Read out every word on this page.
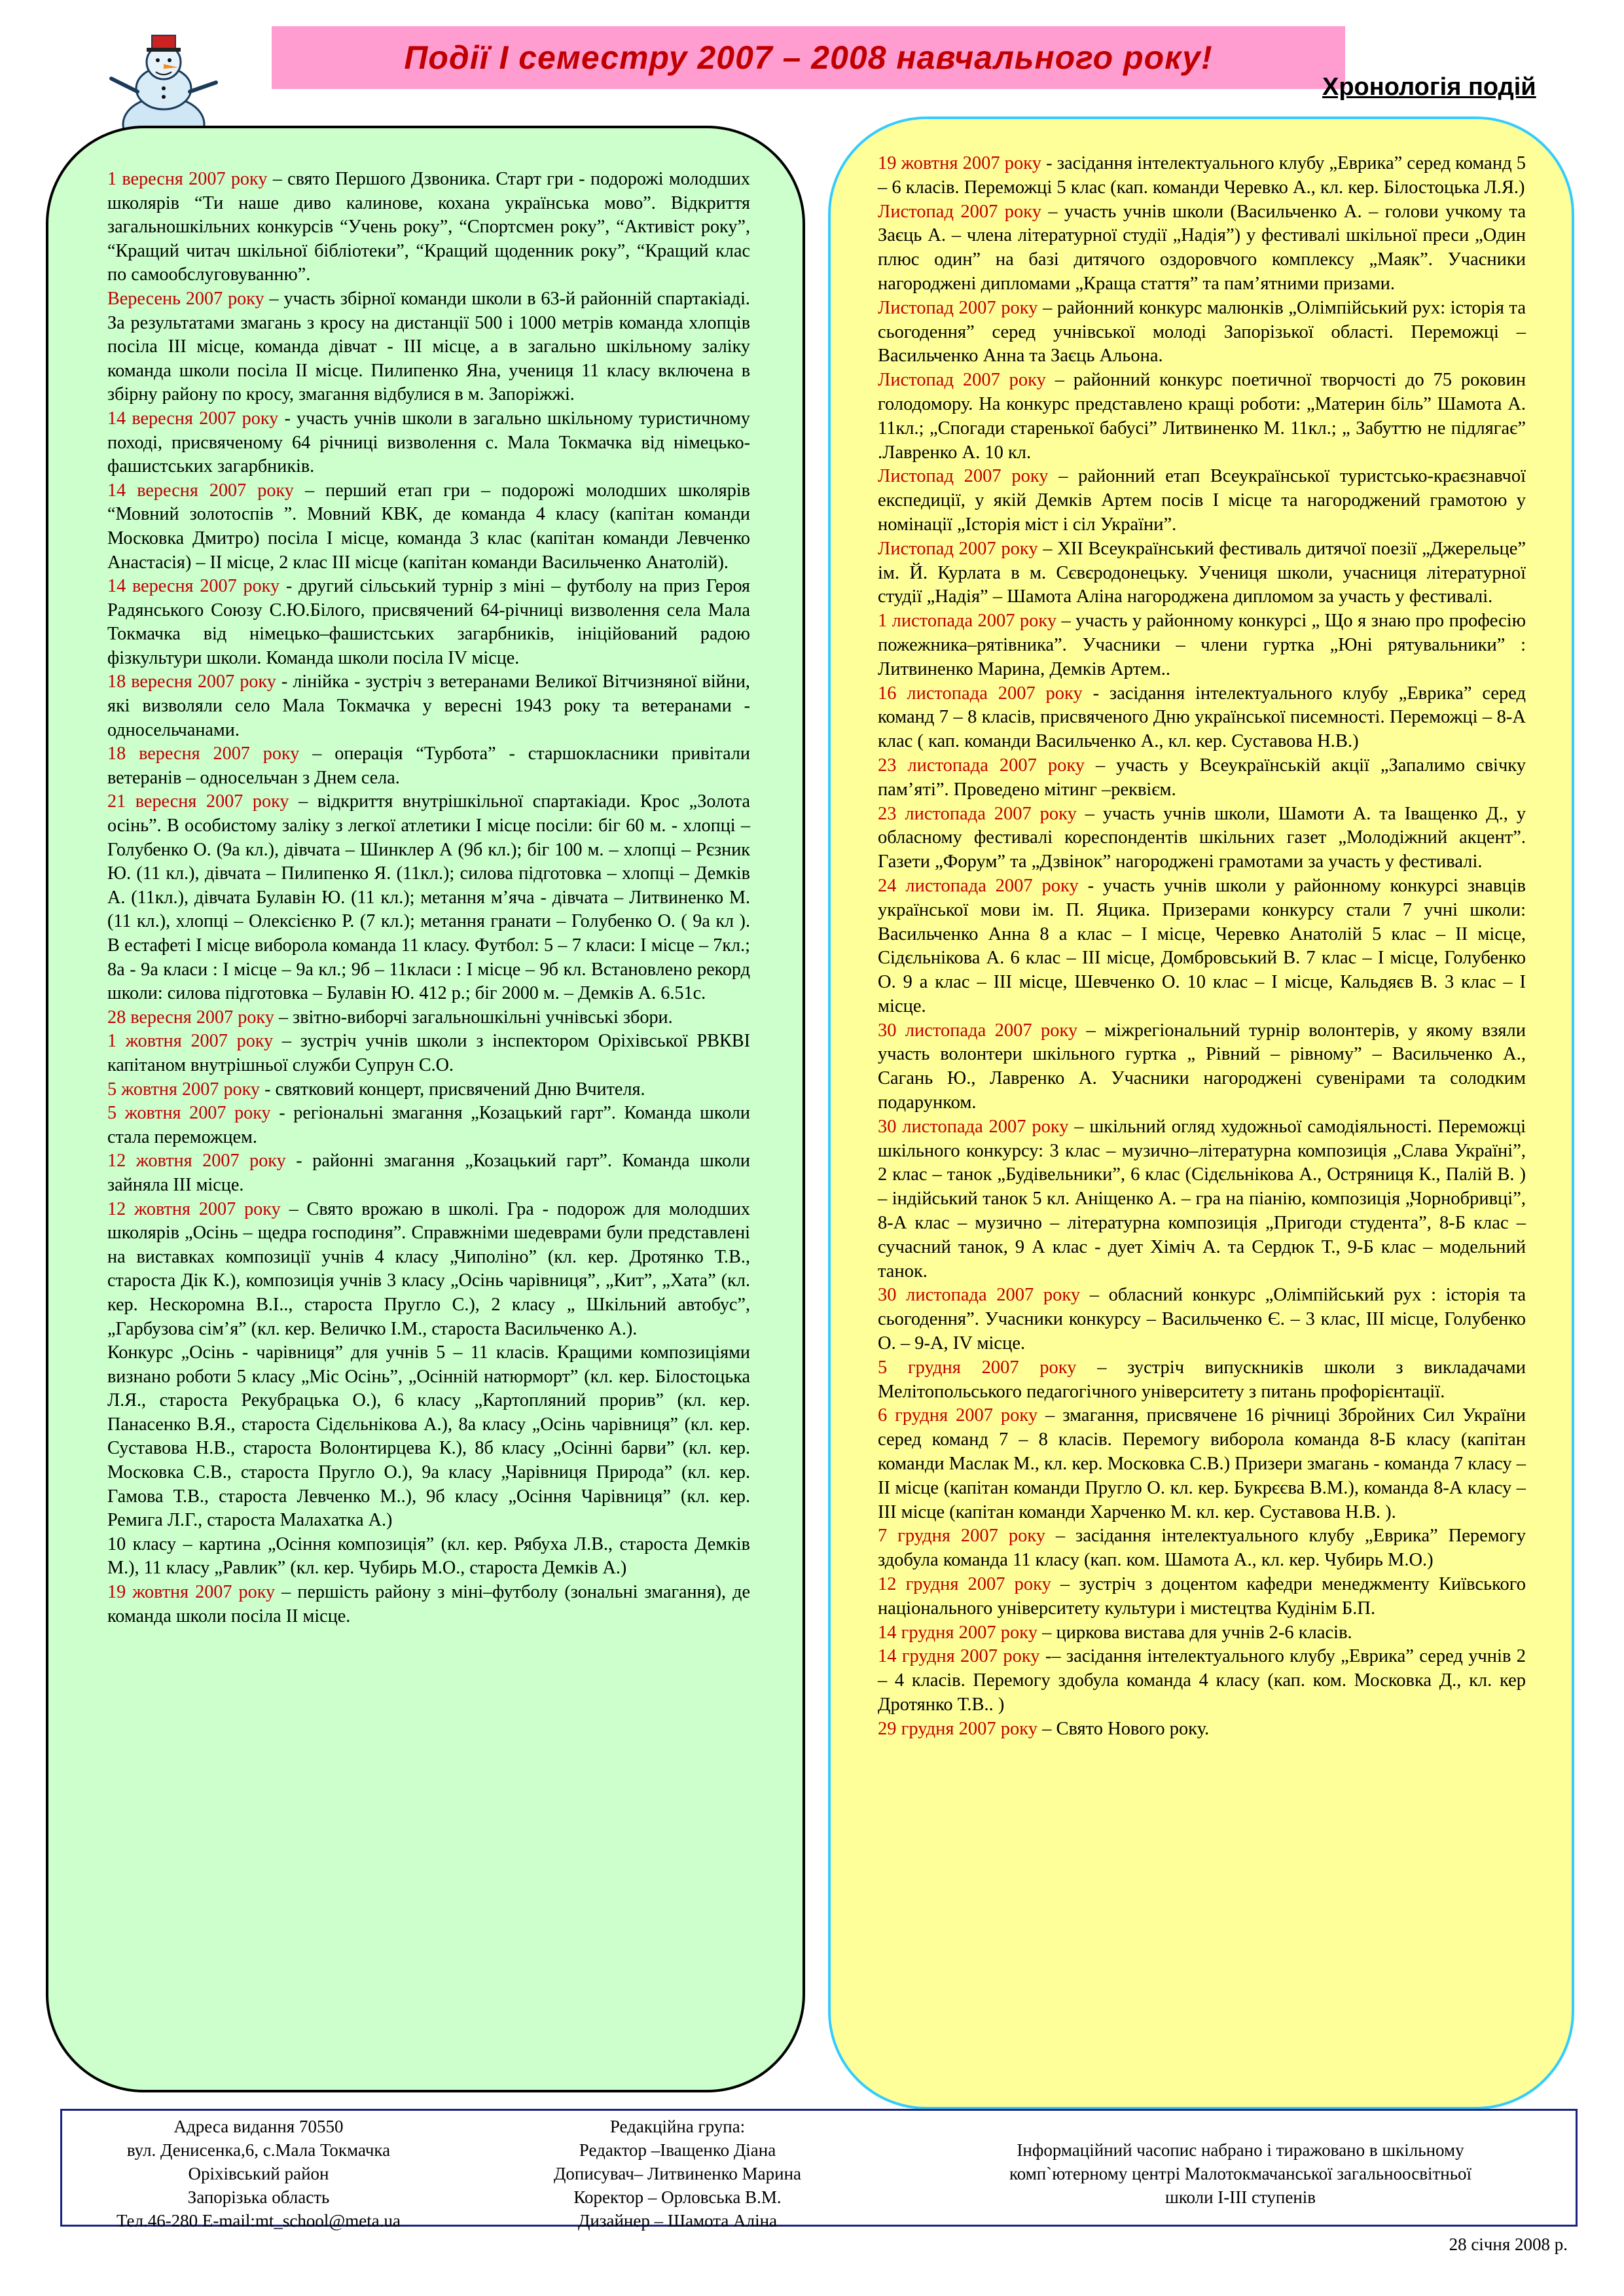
Події І семестру 2007 – 2008 навчального року!
Хронологія подій

1 вересня 2007 року – свято Першого Дзвоника. Старт гри - подорожі молодших школярів “Ти наше диво калинове, кохана українська мово”. Відкриття загальношкільних конкурсів “Учень року”, “Спортсмен року”, “Активіст року”, “Кращий читач шкільної бібліотеки”, “Кращий щоденник року”, “Кращий клас по самообслуговуванню”.

Вересень 2007 року – участь збірної команди школи в 63-й районній спартакіаді. За результатами змагань з кросу на дистанції 500 і 1000 метрів команда хлопців посіла ІІІ місце, команда дівчат - ІІІ місце, а в загально шкільному заліку команда школи посіла ІІ місце. Пилипенко Яна, учениця 11 класу включена в збірну району по кросу, змагання відбулися в м. Запоріжжі.

14 вересня 2007 року - участь учнів школи в загально шкільному туристичному поході, присвяченому 64 річниці визволення с. Мала Токмачка від німецько-фашистських загарбників.

14 вересня 2007 року – перший етап гри – подорожі молодших школярів “Мовний золотоспів ”. Мовний КВК, де команда 4 класу (капітан команди Московка Дмитро) посіла І місце, команда 3 клас (капітан команди Левченко Анастасія) – ІІ місце, 2 клас ІІІ місце (капітан команди Васильченко Анатолій).

14 вересня 2007 року - другий сільський турнір з міні – футболу на приз Героя Радянського Союзу С.Ю.Білого, присвячений 64-річниці визволення села Мала Токмачка від німецько–фашистських загарбників, ініційований радою фізкультури школи. Команда школи посіла ІV місце.

18 вересня 2007 року - лінійка - зустріч з ветеранами Великої Вітчизняної війни, які визволяли село Мала Токмачка у вересні 1943 року та ветеранами - односельчанами.

18 вересня 2007 року – операція “Турбота” - старшокласники привітали ветеранів – односельчан з Днем села.

21 вересня 2007 року – відкриття внутрішкільної спартакіади. Крос „Золота осінь”. В особистому заліку з легкої атлетики І місце посіли: біг 60 м. - хлопці – Голубенко О. (9а кл.), дівчата – Шинклер А (9б кл.); біг 100 м. – хлопці – Рєзник Ю. (11 кл.), дівчата – Пилипенко Я. (11кл.); силова підготовка – хлопці – Демків А. (11кл.), дівчата Булавін Ю. (11 кл.); метання м’яча - дівчата – Литвиненко М. (11 кл.), хлопці – Олексієнко Р. (7 кл.); метання гранати – Голубенко О. ( 9а кл ). В естафеті І місце виборола команда 11 класу. Футбол: 5 – 7 класи: І місце – 7кл.; 8а - 9а класи : І місце – 9а кл.; 9б – 11класи : І місце – 9б кл. Встановлено рекорд школи: силова підготовка – Булавін Ю. 412 р.; біг 2000 м. – Демків А. 6.51с.

28 вересня 2007 року – звітно-виборчі загальношкільні учнівські збори.

1 жовтня 2007 року – зустріч учнів школи з інспектором Оріхівської РВКВІ капітаном внутрішньої служби Супрун С.О.

5 жовтня 2007 року - святковий концерт, присвячений Дню Вчителя.

5 жовтня 2007 року - регіональні змагання „Козацький гарт”. Команда школи стала переможцем.

12 жовтня 2007 року - районні змагання „Козацький гарт”. Команда школи зайняла ІІІ місце.

12 жовтня 2007 року – Свято врожаю в школі. Гра - подорож для молодших школярів „Осінь – щедра господиня”. Справжніми шедеврами були представлені на виставках композиції учнів 4 класу „Чиполіно” (кл. кер. Дротянко Т.В., староста Дік К.), композиція учнів 3 класу „Осінь чарівниця”, „Кит”, „Хата” (кл. кер. Нескоромна В.І.., староста Пругло С.), 2 класу „ Шкільний автобус”, „Гарбузова сім’я” (кл. кер. Величко І.М., староста Васильченко А.).

Конкурс „Осінь - чарівниця” для учнів 5 – 11 класів. Кращими композиціями визнано роботи 5 класу „Міс Осінь”, „Осінній натюрморт” (кл. кер. Білостоцька Л.Я., староста Рекубрацька О.), 6 класу „Картопляний прорив” (кл. кер. Панасенко В.Я., староста Сідєльнікова А.), 8а класу „Осінь чарівниця” (кл. кер. Суставова Н.В., староста Волонтирцева К.), 8б класу „Осінні барви” (кл. кер. Московка С.В., староста Пругло О.), 9а класу „Чарівниця Природа” (кл. кер. Гамова Т.В., староста Левченко М..), 9б класу „Осіння Чарівниця” (кл. кер. Ремига Л.Г., староста Малахатка А.)

10 класу – картина „Осіння композиція” (кл. кер. Рябуха Л.В., староста Демків М.), 11 класу „Равлик” (кл. кер. Чубирь М.О., староста Демків А.)

19 жовтня 2007 року – першість району з міні–футболу (зональні змагання), де команда школи посіла ІІ місце.

19 жовтня 2007 року - засідання інтелектуального клубу „Еврика” серед команд 5 – 6 класів. Переможці 5 клас (кап. команди Черевко А., кл. кер. Білостоцька Л.Я.)

Листопад 2007 року – участь учнів школи (Васильченко А. – голови учкому та Заєць А. – члена літературної студії „Надія”) у фестивалі шкільної преси „Один плюс один” на базі дитячого оздоровчого комплексу „Маяк”. Учасники нагороджені дипломами „Краща стаття” та пам’ятними призами.

Листопад 2007 року – районний конкурс малюнків „Олімпійський рух: історія та сьогодення” серед учнівської молоді Запорізької області. Переможці – Васильченко Анна та Заєць Альона.

Листопад 2007 року – районний конкурс поетичної творчості до 75 роковин голодомору. На конкурс представлено кращі роботи: „Материн біль” Шамота А. 11кл.; „Спогади старенької бабусі” Литвиненко М. 11кл.; „ Забуттю не підлягає” .Лавренко А. 10 кл.

Листопад 2007 року – районний етап Всеукраїнської туристсько-краєзнавчої експедиції, у якій Демків Артем посів І місце та нагороджений грамотою у номінації „Історія міст і сіл України”.

Листопад 2007 року – ХІІ Всеукраїнський фестиваль дитячої поезії „Джерельце” ім. Й. Курлата в м. Сєвєродонецьку. Учениця школи, учасниця літературної студії „Надія” – Шамота Аліна нагороджена дипломом за участь у фестивалі.

1 листопада 2007 року – участь у районному конкурсі „ Що я знаю про професію пожежника–рятівника”. Учасники – члени гуртка „Юні рятувальники” : Литвиненко Марина, Демків Артем..

16 листопада 2007 року - засідання інтелектуального клубу „Еврика” серед команд 7 – 8 класів, присвяченого Дню української писемності. Переможці – 8-А клас ( кап. команди Васильченко А., кл. кер. Суставова Н.В.)

23 листопада 2007 року – участь у Всеукраїнській акції „Запалимо свічку пам’яті”. Проведено мітинг –реквієм.

23 листопада 2007 року – участь учнів школи, Шамоти А. та Іващенко Д., у обласному фестивалі кореспондентів шкільних газет „Молодіжний акцент”. Газети „Форум” та „Дзвінок” нагороджені грамотами за участь у фестивалі.

24 листопада 2007 року - участь учнів школи у районному конкурсі знавців української мови ім. П. Яцика. Призерами конкурсу стали 7 учні школи: Васильченко Анна 8 а клас – І місце, Черевко Анатолій 5 клас – ІІ місце, Сідєльнікова А. 6 клас – ІІІ місце, Домбровський В. 7 клас – І місце, Голубенко О. 9 а клас – ІІІ місце, Шевченко О. 10 клас – І місце, Кальдяєв В. 3 клас – І місце.

30 листопада 2007 року – міжрегіональний турнір волонтерів, у якому взяли участь волонтери шкільного гуртка „ Рівний – рівному” – Васильченко А., Сагань Ю., Лавренко А. Учасники нагороджені сувенірами та солодким подарунком.

30 листопада 2007 року – шкільний огляд художньої самодіяльності. Переможці шкільного конкурсу: 3 клас – музично–літературна композиція „Слава Україні”, 2 клас – танок „Будівельники”, 6 клас (Сідєльнікова А., Остряниця К., Палій В. ) – індійський танок 5 кл. Аніщенко А. – гра на піанію, композиція „Чорнобривці”, 8-А клас – музично – літературна композиція „Пригоди студента”, 8-Б клас – сучасний танок, 9 А клас - дует Хіміч А. та Сердюк Т., 9-Б клас – модельний танок.

30 листопада 2007 року – обласний конкурс „Олімпійський рух : історія та сьогодення”. Учасники конкурсу – Васильченко Є. – 3 клас, ІІІ місце, Голубенко О. – 9-А, ІV місце.

5 грудня 2007 року – зустріч випускників школи з викладачами Мелітопольського педагогічного університету з питань профорієнтації.

6 грудня 2007 року – змагання, присвячене 16 річниці Збройних Сил України серед команд 7 – 8 класів. Перемогу виборола команда 8-Б класу (капітан команди Маслак М., кл. кер. Московка С.В.) Призери змагань - команда 7 класу – ІІ місце (капітан команди Пругло О. кл. кер. Букрєєва В.М.), команда 8-А класу – ІІІ місце (капітан команди Харченко М. кл. кер. Суставова Н.В. ).

7 грудня 2007 року – засідання інтелектуального клубу „Еврика” Перемогу здобула команда 11 класу (кап. ком. Шамота А., кл. кер. Чубирь М.О.)

12 грудня 2007 року – зустріч з доцентом кафедри менеджменту Київського національного університету культури і мистецтва Кудінім Б.П.

14 грудня 2007 року – циркова вистава для учнів 2-6 класів.

14 грудня 2007 року -– засідання інтелектуального клубу „Еврика” серед учнів 2 – 4 класів. Перемогу здобула команда 4 класу (кап. ком. Московка Д., кл. кер Дротянко Т.В.. )

29 грудня 2007 року – Свято Нового року.

Адреса видання 70550
вул. Денисенка,6, с.Мала Токмачка
Оріхівський район
Запорізька область
Тел.46-280 E-mail:mt_school@meta.ua
Редакційна група:
Редактор –Іващенко Діана
Дописувач– Литвиненко Марина
Коректор – Орловська В.М.
Дизайнер – Шамота Аліна
Інформаційний часопис набрано і тиражовано в шкільному
комп`ютерному центрі Малотокмачанської загальноосвітньої
школи І-ІІІ ступенів
28 січня 2008 р.
